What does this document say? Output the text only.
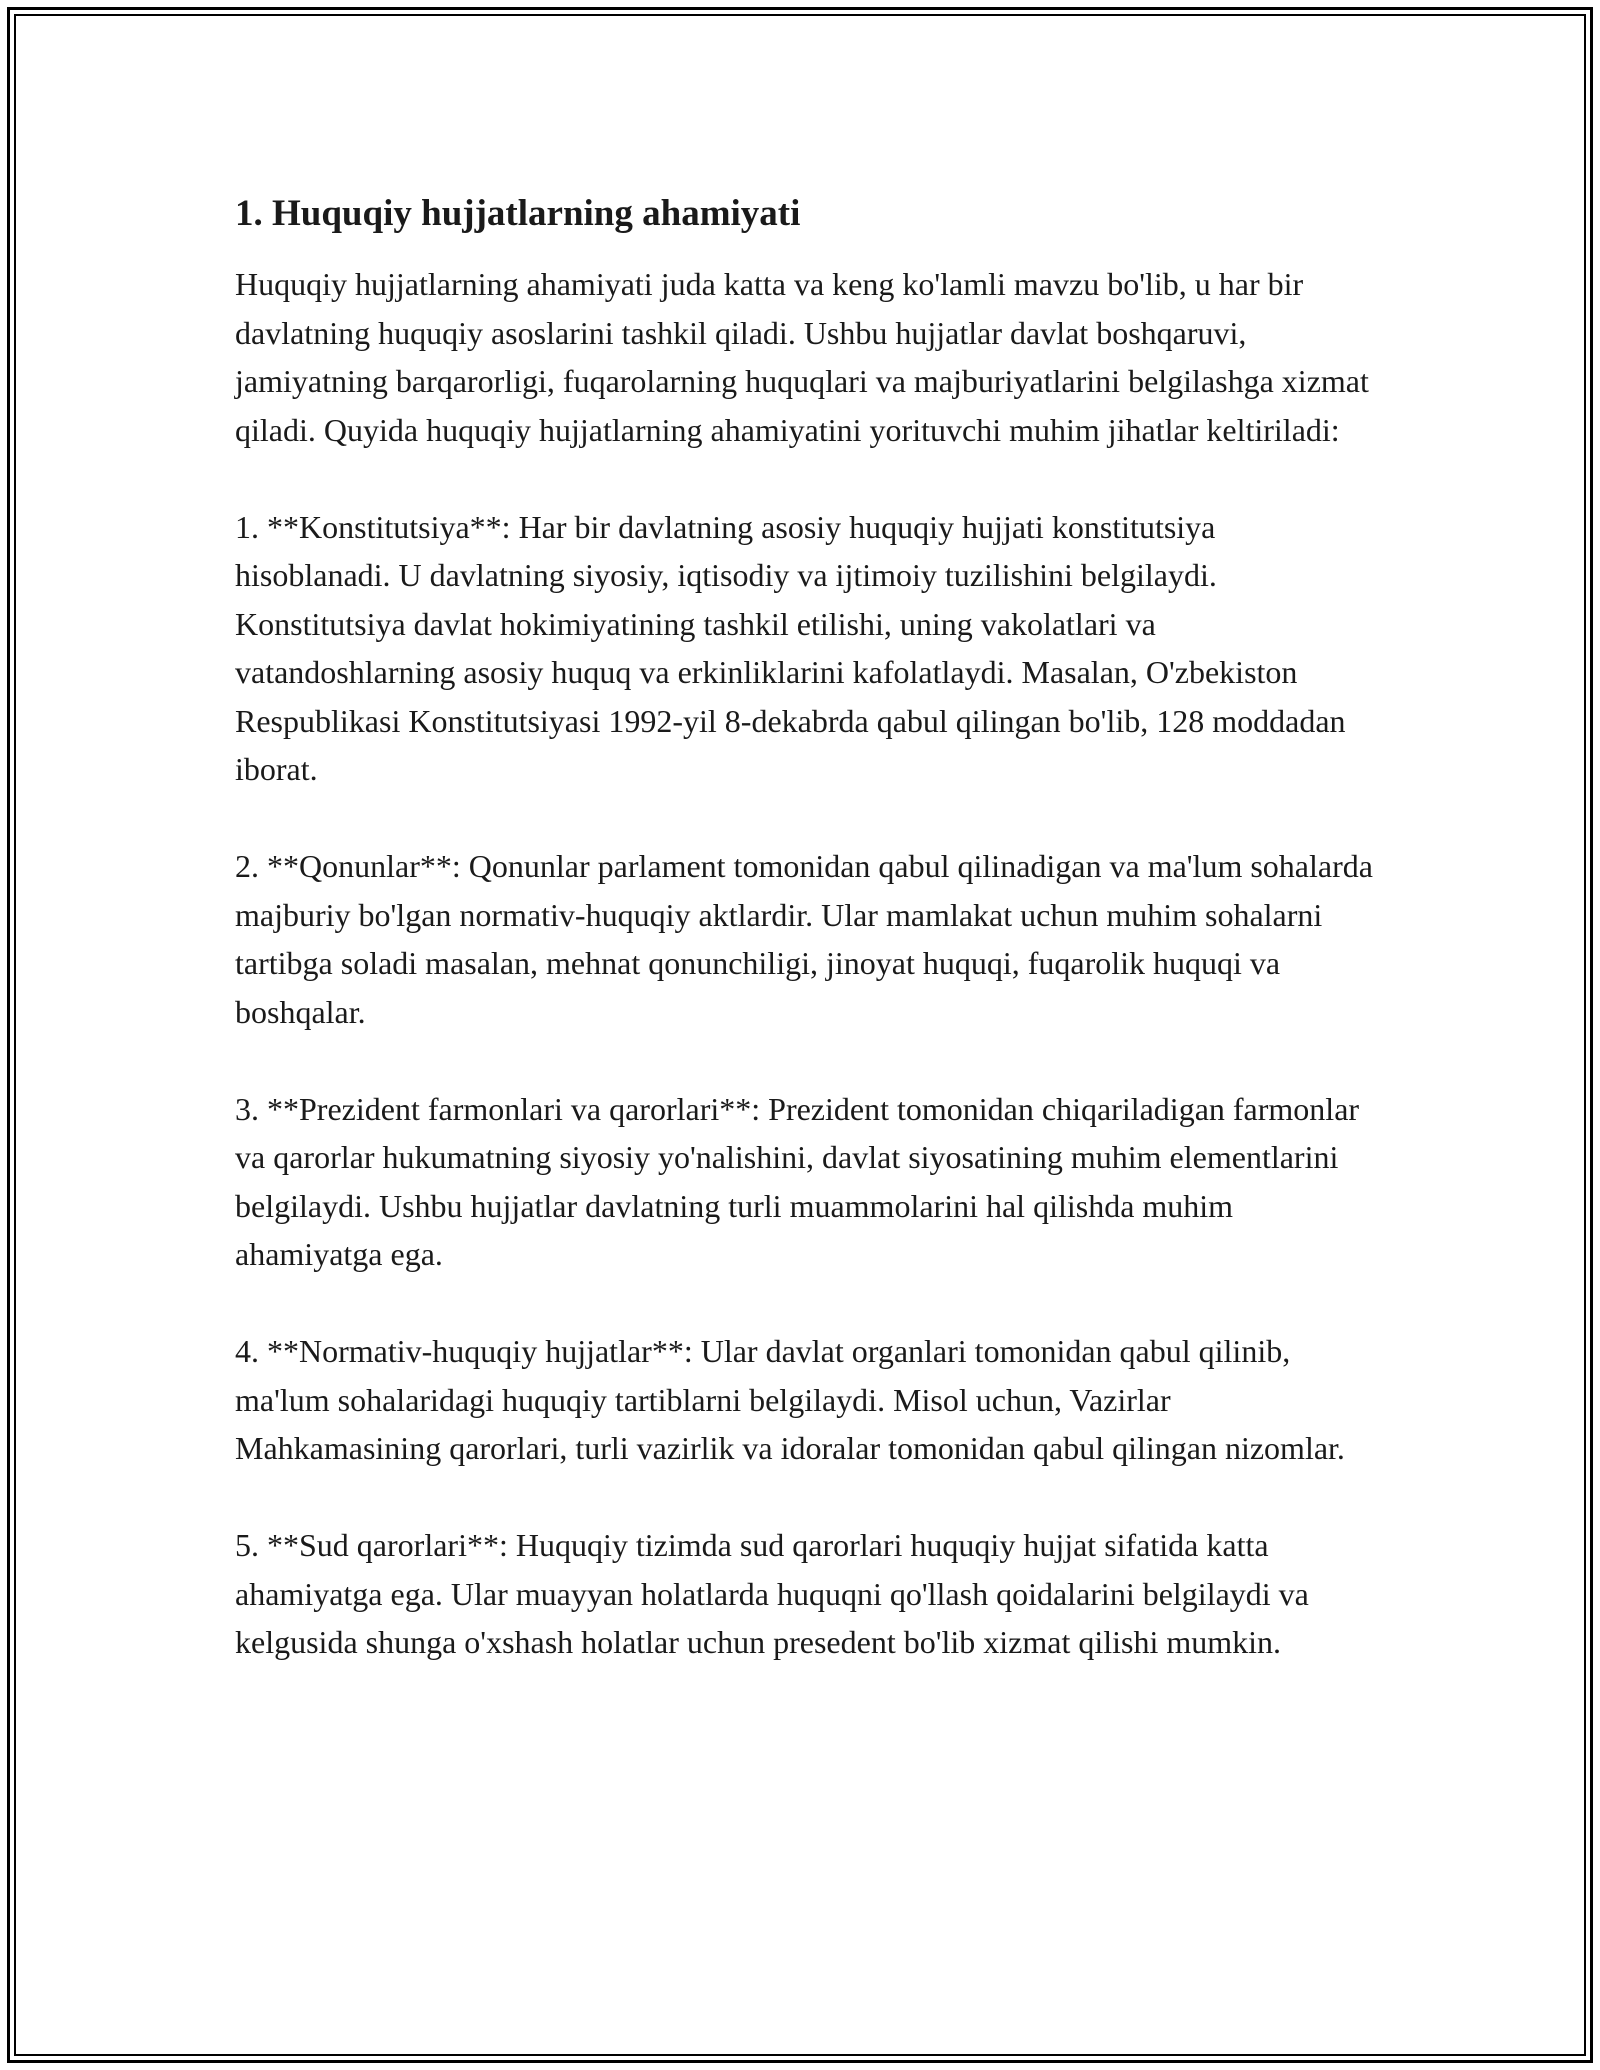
1. Huquqiy hujjatlarning ahamiyati

Huquqiy hujjatlarning ahamiyati juda katta va keng ko'lamli mavzu bo'lib, u har bir davlatning huquqiy asoslarini tashkil qiladi. Ushbu hujjatlar davlat boshqaruvi, jamiyatning barqarorligi, fuqarolarning huquqlari va majburiyatlarini belgilashga xizmat qiladi. Quyida huquqiy hujjatlarning ahamiyatini yorituvchi muhim jihatlar keltiriladi:

1. **Konstitutsiya**: Har bir davlatning asosiy huquqiy hujjati konstitutsiya hisoblanadi. U davlatning siyosiy, iqtisodiy va ijtimoiy tuzilishini belgilaydi. Konstitutsiya davlat hokimiyatining tashkil etilishi, uning vakolatlari va vatandoshlarning asosiy huquq va erkinliklarini kafolatlaydi. Masalan, O'zbekiston Respublikasi Konstitutsiyasi 1992-yil 8-dekabrda qabul qilingan bo'lib, 128 moddadan iborat.

2. **Qonunlar**: Qonunlar parlament tomonidan qabul qilinadigan va ma'lum sohalarda majburiy bo'lgan normativ-huquqiy aktlardir. Ular mamlakat uchun muhim sohalarni tartibga soladi masalan, mehnat qonunchiligi, jinoyat huquqi, fuqarolik huquqi va boshqalar.

3. **Prezident farmonlari va qarorlari**: Prezident tomonidan chiqariladigan farmonlar va qarorlar hukumatning siyosiy yo'nalishini, davlat siyosatining muhim elementlarini belgilaydi. Ushbu hujjatlar davlatning turli muammolarini hal qilishda muhim ahamiyatga ega.

4. **Normativ-huquqiy hujjatlar**: Ular davlat organlari tomonidan qabul qilinib, ma'lum sohalaridagi huquqiy tartiblarni belgilaydi. Misol uchun, Vazirlar Mahkamasining qarorlari, turli vazirlik va idoralar tomonidan qabul qilingan nizomlar.

5. **Sud qarorlari**: Huquqiy tizimda sud qarorlari huquqiy hujjat sifatida katta ahamiyatga ega. Ular muayyan holatlarda huquqni qo'llash qoidalarini belgilaydi va kelgusida shunga o'xshash holatlar uchun presedent bo'lib xizmat qilishi mumkin.
